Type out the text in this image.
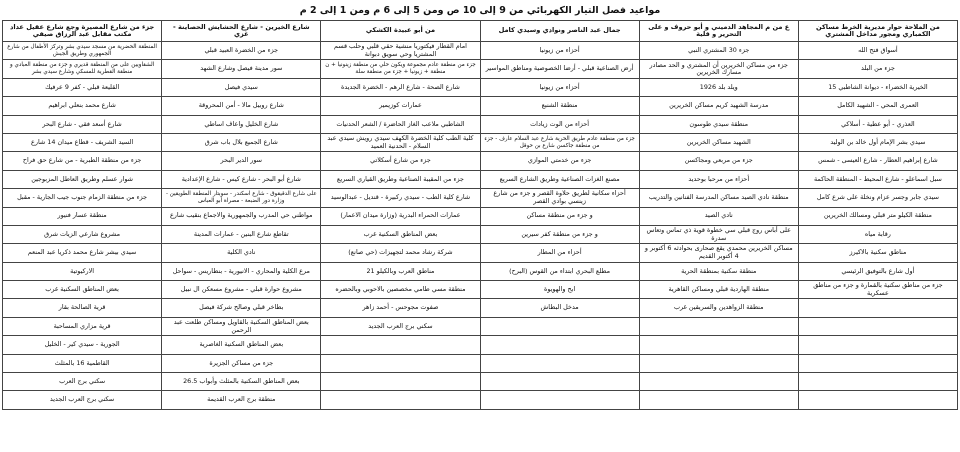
مواعيد فصل التيار الكهربائي من 9 إلى 10 ص ومن 5 إلى 6 م ومن 1 إلى 2 م
من الملاحة حوار مديرية الخرط مساكن الكمباري ومجور مداخل المشتري	ع من م المجاهد الدميني و أبو حروف و على التحرير و قلية	جمال عبد الناصر ونوادي وسيدي كامل	من أبو عبيدة الكشكي	شارع الخيرين - شارع الحشايش الحصاينة - غزي	جزء من شارع المصيرة وجع شارع عقيل عداد مكتب مقابل عبد الرزاق صيفي
أسواق فتح الله	جزء 30 المشتري النبي	أحزاء من زيونيا	امام القطار فيكتوريا منشية حقي قلبي وحلب قسم المشتريا وحي سويق دبوانة	جزء من الخضرة العبيد قبلي	المنطقة الحضرية من مسجد سيدي بشر وتركز الأطفال من شارع الجمهوري وطريق الجيش
جزء من البلد	جزء من مساكن الخريرين أن المشتري و الحد مصادر مسارك الخريرين	أرض الصناعية قبلي - أرضا الخصوصية ومناطق المواسير	جزء من منطقة عادم مجموعة ويكون حلي من منطقة زينونيا + ن منطقة + زيونيا + جزء من منطقة سلة	سور مدينة فيصل وشارع الشهد	الشقاويين على من المنطقة قديري و جزء من منطقة العبادي و منطقة القطرية للمسكي وشارع سيدي بشر
الخيرية الخضراء - ديوانة الشاطبي 15	ويلد بلد 1926	أحزاء من زيونيا	شارع الصحة - شارع الرهم - الخضرة الجديدة	سيدي فيصل	القليعة قبلي - كفر 9 عرفيك
العمرى المحي - الشهيد الكامل	مدرسة الشهيد كريم مساكن الخريرين	منطقة الشنبع	عمارات كوزيمير	شارع روبيل مالا - أمن المحروقة	شارع محمد بنعلي ابراهيم
العذري - أبو عطية - أسلاكي	منطقة سيدي طوسون	أحزاء من الوت زيادات	الشاطبي ملاعب الغاز الحاضرة / الشعر الحدنيات	شارع الخليل واعاف اساطي	شارع أسعد فقي - شارع البحر
سيدي بشر الإمام أول خالد بن الوليد	الشهيد مساكن الخريرين	جزء من منطقة عادم طريق الحرية شارع عبد السلام عارف - جزء من منطقة جاكسن شارع بن حوقل	كلية الطب كلية الخضرة الكهف سيدي رويش سيدي عبد السلام - الحدنية العميد	شارع الجميع بلال باب شرق	السيد الشريف - قطاع ميدان 14 شارع
شارع إبراهيم العطار - شارع العيسى - شمس	جزء من مربعي ومجاكسن	جزء من خدمتي الموازي	جزء من شارع أسكلاتي	سور الدير البحر	جزء من منطقة الطبرية - من شارع حق فراح
سبل اسماعلو - شارع المحيط - المنطقة الحاكمة	أحزاء من مرحبا بوحديد	مصنع الغزات الصناعية وطريق الشارع السريع	جزء من المقيبة الصناعية وطريق القياري السريع	شارع أبو البحر - شارع كيس - شارع الإعدادية	شوار عسلم وطريق العاطل المزبوجين
سيدي جابر وجسر عزام ونخلة على شرع كامل	منطقة نادي الصيد مساكن المدرسة الفنانين والتدريب	أحزاء سكانية لطريق حلاوة القصر و جزء من شارع زينسي بوادي القصر	شارع كلية الطب - سيدي ركبيرة - قنديل - عبدالوسيد	على شارع الدقيقوق - شارع اسكندر - سوبتار المنطقة الطويقين - وزارة دور الضبعة - مصراة أبو العباس	جزء من منطقة الزمام جنوب جيب الجارية - مقبل
منطقة الكيلو متر قبلي ومسالك الخريرين	نادي الصيد	و جزء من منطقة مساكن	عمارات الحمراء البدرية (وزارة ميدان الاعمار)	مواطني حي المدرب والجمهورية والاجماع بنقيب شارع	منطقة عسار فنيور
رقابة مياه	على أباس روج قبلي سي خطوة قوية ذي تماس وتعاس سدرة	و جزء من منطقة كفر سيرين	بعض المناطق السكنية غرب	تقاطع شارع البنين - عمارات المدينة	مشروع شارعي الزيات شرق
مناطق سكنية بالاكيرز	مساكن الخريرين محمدي يقع صحارى بحوادثه 6 أكتوبر و 4 أكتوبر القديم	أحزاء من المطار	شركة رشاد محمد لتجهيزات (حي صانع)	نادي الكلية	سيدي بيشر شارع محمد ذكريا عبد المنعم
أول شارع بالتوفيق الرئيسي	منطقة سكنية بمنطقة الحرية	مطلع البحري ابتداء من القوس (البرح)	مناطق العرب وبالكيلو 21	مرع الكلية والمحاري - الانيورية - بنطاريس - سواحل	الاركيوتية
جزء من مناطق سكنية بالقمارة و جزء من مناطق عسكرية	منطقة الهاردية قبلي ومساكن القاهرية	ابح والهويوة	منطقة مسي طامي مخصصين بالاحوبي وبالحضره	مشروع حوارة قبلي - مشروع مسعكن ال نبيل	بعض المناطق السكنية غرب
	منطقة الزواهدين والسريقين غرب	مدخل البطاش	صفوت مجوحس - أحمد زاهر	بطاخر قبلي وصالح شركة فيصل	قرية الصالحة بقار
			سكني برج العرب الجديد	بعض المناطق السكنية بالقاويل ومساكن طلعت عبد الرحمن	قرية مزاري المساحبة
				بعض المناطق السكنية الغاصرية	الجورية - سيدي كير - الخليل
				جزء من مساكن الجزيرة	القاطمية 16 بالمثلث
				بعض المناطق السكنية بالمثلث وأبواب 26.5	سكني برج العرب
				منطقة برج العرب القديمة	سكني برج العرب الجديد
